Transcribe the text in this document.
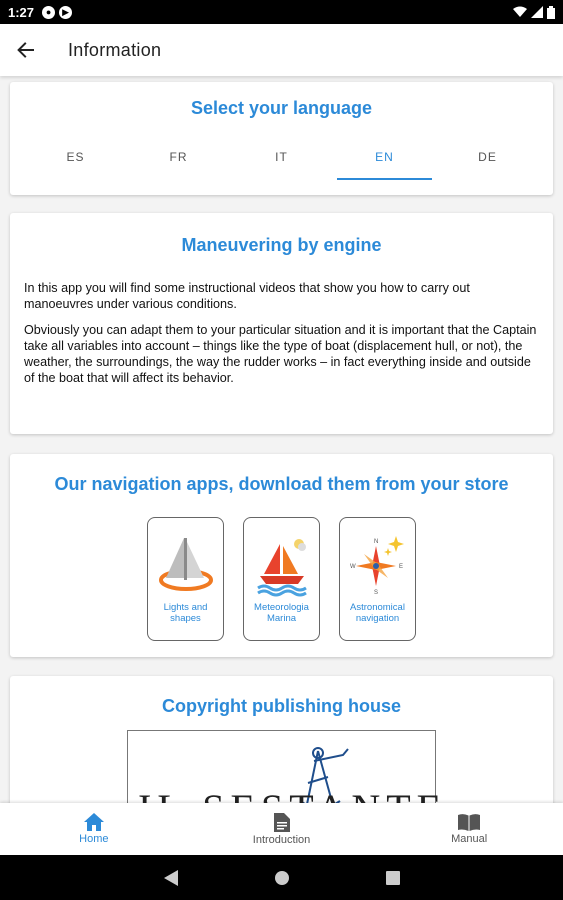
1:27	●	▶
Information
Select your language
ES	FR	IT	EN	DE
Maneuvering by engine

In this app you will find some instructional videos that show you how to carry out manoeuvres under various conditions.

Obviously you can adapt them to your particular situation and it is important that the Captain take all variables into account – things like the type of boat (displacement hull, or not), the weather, the surroundings, the way the rudder works – in fact everything inside and outside of the boat that will affect its behavior.

Our navigation apps, download them from your store
Lights and shapes
Meteorologia Marina
N
W	E
S
Astronomical navigation
Copyright publishing house
Home	Introduction	Manual
